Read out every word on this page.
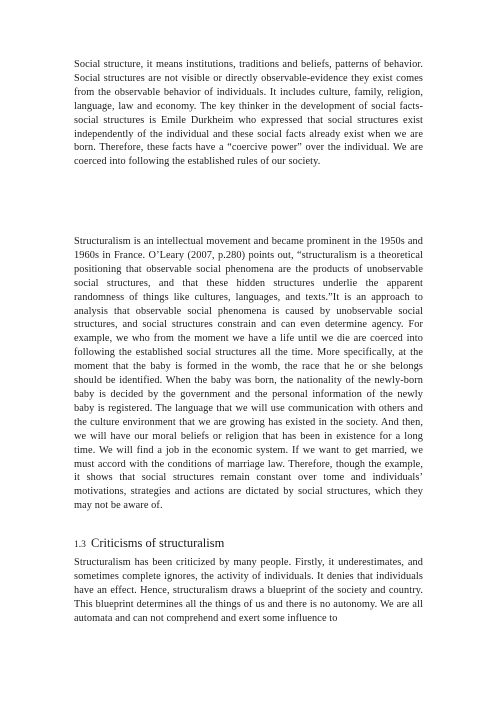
Social structure, it means institutions, traditions and beliefs, patterns of behavior. Social structures are not visible or directly observable-evidence they exist comes from the observable behavior of individuals. It includes culture, family, religion, language, law and economy. The key thinker in the development of social facts-social structures is Emile Durkheim who expressed that social structures exist independently of the individual and these social facts already exist when we are born. Therefore, these facts have a “coercive power” over the individual. We are coerced into following the established rules of our society.

Structuralism is an intellectual movement and became prominent in the 1950s and 1960s in France. O’Leary (2007, p.280) points out, “structuralism is a theoretical positioning that observable social phenomena are the products of unobservable social structures, and that these hidden structures underlie the apparent randomness of things like cultures, languages, and texts.”It is an approach to analysis that observable social phenomena is caused by unobservable social structures, and social structures constrain and can even determine agency. For example, we who from the moment we have a life until we die are coerced into following the established social structures all the time. More specifically, at the moment that the baby is formed in the womb, the race that he or she belongs should be identified. When the baby was born, the nationality of the newly-born baby is decided by the government and the personal information of the newly baby is registered. The language that we will use communication with others and the culture environment that we are growing has existed in the society. And then, we will have our moral beliefs or religion that has been in existence for a long time. We will find a job in the economic system. If we want to get married, we must accord with the conditions of marriage law. Therefore, though the example, it shows that social structures remain constant over tome and individuals’ motivations, strategies and actions are dictated by social structures, which they may not be aware of.

1.3 Criticisms of structuralism

Structuralism has been criticized by many people. Firstly, it underestimates, and sometimes complete ignores, the activity of individuals. It denies that individuals have an effect. Hence, structuralism draws a blueprint of the society and country. This blueprint determines all the things of us and there is no autonomy. We are all automata and can not comprehend and exert some influence to
